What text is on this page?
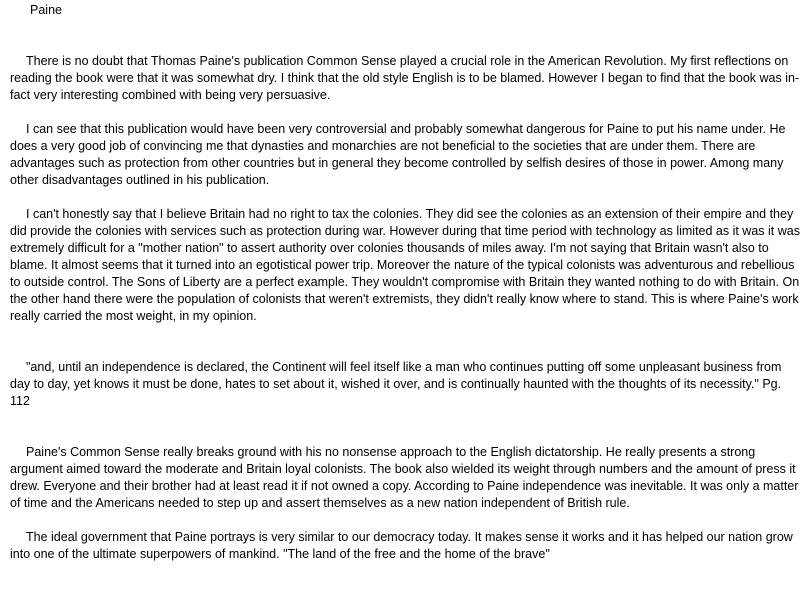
Paine

There is no doubt that Thomas Paine's publication Common Sense played a crucial role in the American Revolution. My first reflections on reading the book were that it was somewhat dry. I think that the old style English is to be blamed. However I began to find that the book was in-fact very interesting combined with being very persuasive.

I can see that this publication would have been very controversial and probably somewhat dangerous for Paine to put his name under. He does a very good job of convincing me that dynasties and monarchies are not beneficial to the societies that are under them. There are advantages such as protection from other countries but in general they become controlled by selfish desires of those in power. Among many other disadvantages outlined in his publication.

I can't honestly say that I believe Britain had no right to tax the colonies. They did see the colonies as an extension of their empire and they did provide the colonies with services such as protection during war. However during that time period with technology as limited as it was it was extremely difficult for a "mother nation" to assert authority over colonies thousands of miles away. I'm not saying that Britain wasn't also to blame. It almost seems that it turned into an egotistical power trip. Moreover the nature of the typical colonists was adventurous and rebellious to outside control. The Sons of Liberty are a perfect example. They wouldn't compromise with Britain they wanted nothing to do with Britain. On the other hand there were the population of colonists that weren't extremists, they didn't really know where to stand. This is where Paine's work really carried the most weight, in my opinion.

"and, until an independence is declared, the Continent will feel itself like a man who continues putting off some unpleasant business from day to day, yet knows it must be done, hates to set about it, wished it over, and is continually haunted with the thoughts of its necessity." Pg. 112

Paine's Common Sense really breaks ground with his no nonsense approach to the English dictatorship. He really presents a strong argument aimed toward the moderate and Britain loyal colonists. The book also wielded its weight through numbers and the amount of press it drew. Everyone and their brother had at least read it if not owned a copy. According to Paine independence was inevitable. It was only a matter of time and the Americans needed to step up and assert themselves as a new nation independent of British rule.

The ideal government that Paine portrays is very similar to our democracy today. It makes sense it works and it has helped our nation grow into one of the ultimate superpowers of mankind. "The land of the free and the home of the brave"
